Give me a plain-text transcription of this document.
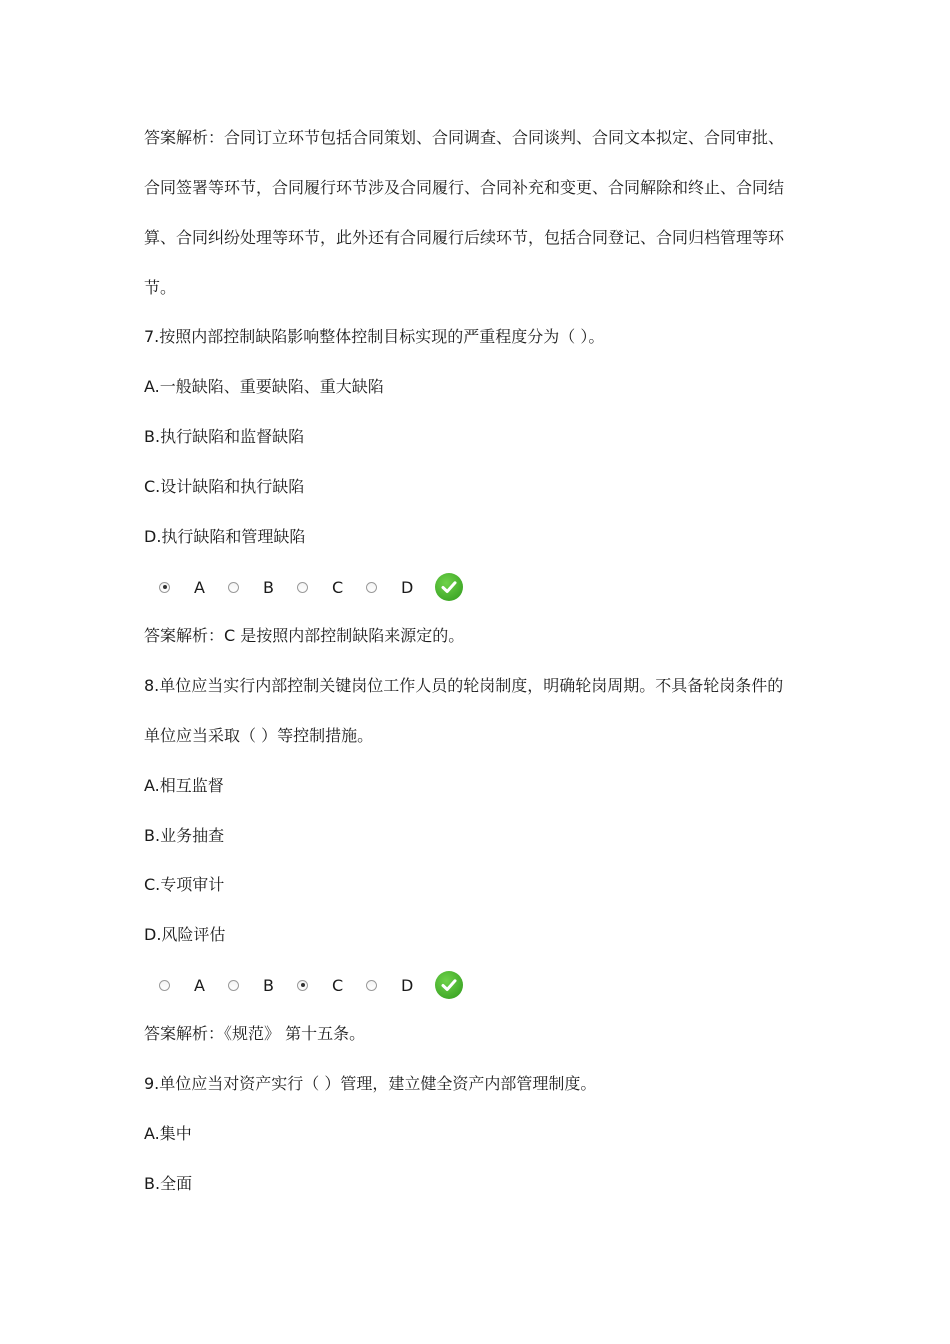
答案解析：合同订立环节包括合同策划、合同调查、合同谈判、合同文本拟定、合同审批、
合同签署等环节，合同履行环节涉及合同履行、合同补充和变更、合同解除和终止、合同结
算、合同纠纷处理等环节，此外还有合同履行后续环节，包括合同登记、合同归档管理等环
节。
7.按照内部控制缺陷影响整体控制目标实现的严重程度分为（ ）。
A.一般缺陷、重要缺陷、重大缺陷
B.执行缺陷和监督缺陷
C.设计缺陷和执行缺陷
D.执行缺陷和管理缺陷
A	B	C	D
答案解析：C 是按照内部控制缺陷来源定的。
8.单位应当实行内部控制关键岗位工作人员的轮岗制度，明确轮岗周期。不具备轮岗条件的
单位应当采取（ ）等控制措施。
A.相互监督
B.业务抽查
C.专项审计
D.风险评估
A	B	C	D
答案解析：《规范》 第十五条。
9.单位应当对资产实行（ ）管理，建立健全资产内部管理制度。
A.集中
B.全面
